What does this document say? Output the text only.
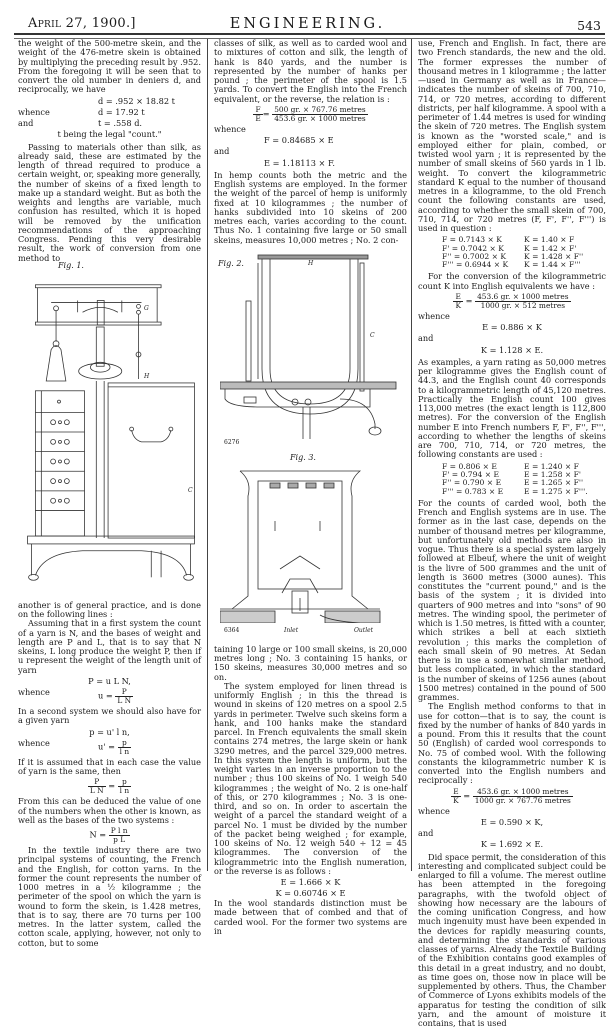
April 27, 1900.]	ENGINEERING.	543

the weight of the 500-metre skein, and the weight of the 476-metre skein is obtained by multiplying the preceding result by .952. From the foregoing it will be seen that to convert the old number in deniers d, and reciprocally, we have

d = .952 × 18.82 t
whence	d = 17.92 t
and	t = .558 d.
t being the legal "count."

Passing to materials other than silk, as already said, these are estimated by the length of thread required to produce a certain weight, or, speaking more generally, the number of skeins of a fixed length to make up a standard weight. But as both the weights and lengths are variable, much confusion has resulted, which it is hoped will be removed by the unification recommendations of the approaching Congress. Pending this very desirable result, the work of conversion from one method to

another is of general practice, and is done on the following lines :

Assuming that in a first system the count of a yarn is N, and the bases of weight and length are P and L, that is to say that N skeins, L long produce the weight P, then if u represent the weight of the length unit of yarn

P = u L N,
whence	$u = \frac{P}{\text{L N}}$

In a second system we should also have for a given yarn

p = u' l n,
whence	$u' = \frac{p}{\text{l n}}$

If it is assumed that in each case the value of yarn is the same, then

$\frac{P}{\text{L N}} = \frac{p}{\text{l n}}$

From this can be deduced the value of one of the numbers when the other is known, as well as the bases of the two systems :

$N = \frac{\text{P l n}}{\text{p L}}$

In the textile industry there are two principal systems of counting, the French and the English, for cotton yarns. In the former the count represents the number of 1000 metres in a ½ kilogramme ; the perimeter of the spool on which the yarn is wound to form the skein, is 1.428 metres, that is to say, there are 70 turns per 100 metres. In the latter system, called the cotton scale, applying, however, not only to cotton, but to some

classes of silk, as well as to carded wool and to mixtures of cotton and silk, the length of hank is 840 yards, and the number is represented by the number of hanks per pound ; the perimeter of the spool is 1.5 yards. To convert the English into the French equivalent, or the reverse, the relation is :

$\frac{F}{E} = \frac{\text{500 gr. × 767.76 metres}}{\text{453.6 gr. × 1000 metres}}$
whence
F = 0.84685 × E
and
E = 1.18113 × F.

In hemp counts both the metric and the English systems are employed. In the former the weight of the parcel of hemp is uniformly fixed at 10 kilogrammes ; the number of hanks subdivided into 10 skeins of 200 metres each, varies according to the count. Thus No. 1 containing five large or 50 small skeins, measures 10,000 metres ; No. 2 con-

Fig. 2.	H
C
6276
Fig. 3.
Inlet	Outlet
6364

taining 10 large or 100 small skeins, is 20,000 metres long ; No. 3 containing 15 hanks, or 150 skeins, measures 30,000 metres and so on.

The system employed for linen thread is uniformly English ; in this the thread is wound in skeins of 120 metres on a spool 2.5 yards in perimeter. Twelve such skeins form a hank, and 100 hanks make the standard parcel. In French equivalents the small skein contains 274 metres, the large skein or hank 3290 metres, and the parcel 329,000 metres. In this system the length is uniform, but the weight varies in an inverse proportion to the number ; thus 100 skeins of No. 1 weigh 540 kilogrammes ; the weight of No. 2 is one-half of this, or 270 kilogrammes ; No. 3 is one-third, and so on. In order to ascertain the weight of a parcel the standard weight of a parcel No. 1 must be divided by the number of the packet being weighed ; for example, 100 skeins of No. 12 weigh 540 ÷ 12 = 45 kilogrammes. The conversion of the kilogrammetric into the English numeration, or the reverse is as follows :

E = 1.666 × K
K = 0.60746 × E

In the wool standards distinction must be made between that of combed and that of carded wool. For the former two systems are in

use, French and English. In fact, there are two French standards, the new and the old. The former expresses the number of thousand metres in 1 kilogramme ; the latter—used in Germany as well as in France—indicates the number of skeins of 700, 710, 714, or 720 metres, according to different districts, per half kilogramme. A spool with a perimeter of 1.44 metres is used for winding the skein of 720 metres. The English system is known as the "worsted scale," and is employed either for plain, combed, or twisted wool yarn ; it is represented by the number of small skeins of 560 yards in 1 lb. weight. To convert the kilogrammetric standard K equal to the number of thousand metres in a kilogramme, to the old French count the following constants are used, according to whether the small skein of 700, 710, 714, or 720 metres (F, F', F'', F''') is used in question :

F = 0.7143 × K	K = 1.40 × F
F' = 0.7042 × K	K = 1.42 × F'
F'' = 0.7002 × K	K = 1.428 × F''
F''' = 0.6944 × K	K = 1.44 × F'''

For the conversion of the kilogrammetric count K into English equivalents we have :

$\frac{E}{K} = \frac{\text{453.6 gr. × 1000 metres}}{\text{1000 gr. × 512 metres}}$
whence
E = 0.886 × K
and
K = 1.128 × E.

As examples, a yarn rating as 50,000 metres per kilogramme gives the English count of 44.3, and the English count 40 corresponds to a kilogrammetric length of 45,120 metres. Practically the English count 100 gives 113,000 metres (the exact length is 112,800 metres). For the conversion of the English number E into French numbers F, F', F'', F''', according to whether the lengths of skeins are 700, 710, 714, or 720 metres, the following constants are used :

F = 0.806 × E	E = 1.240 × F
F' = 0.794 × E	E = 1.258 × F'
F'' = 0.790 × E	E = 1.265 × F''
F''' = 0.783 × E	E = 1.275 × F'''.

For the counts of carded wool, both the French and English systems are in use. The former as in the last case, depends on the number of thousand metres per kilogramme, but unfortunately old methods are also in vogue. Thus there is a special system largely followed at Elbeuf, where the unit of weight is the livre of 500 grammes and the unit of length is 3600 metres (3000 aunes). This constitutes the "current pound," and is the basis of the system ; it is divided into quarters of 900 metres and into "sons" of 90 metres. The winding spool, the perimeter of which is 1.50 metres, is fitted with a counter, which strikes a bell at each sixtieth revolution ; this marks the completion of each small skein of 90 metres. At Sedan there is in use a somewhat similar method, but less complicated, in which the standard is the number of skeins of 1256 aunes (about 1500 metres) contained in the pound of 500 grammes.

The English method conforms to that in use for cotton—that is to say, the count is fixed by the number of hanks of 840 yards in a pound. From this it results that the count 50 (English) of carded wool corresponds to No. 75 of combed wool. With the following constants the kilogrammetric number K is converted into the English numbers and reciprocally :

$\frac{E}{K} = \frac{\text{453.6 gr. × 1000 metres}}{\text{1000 gr. × 767.76 metres}}$
whence
E = 0.590 × K,
and
K = 1.692 × E.

Did space permit, the consideration of this interesting and complicated subject could be enlarged to fill a volume. The merest outline has been attempted in the foregoing paragraphs, with the twofold object of showing how necessary are the labours of the coming unification Congress, and how much ingenuity must have been expended in the devices for rapidly measuring counts, and determining the standards of various classes of yarns. Already the Textile Building of the Exhibition contains good examples of this detail in a great industry, and no doubt, as time goes on, those now in place will be supplemented by others. Thus, the Chamber of Commerce of Lyons exhibits models of the apparatus for testing the condition of silk yarn, and the amount of moisture it contains, that is used

Fig. 1.
G
H
C
